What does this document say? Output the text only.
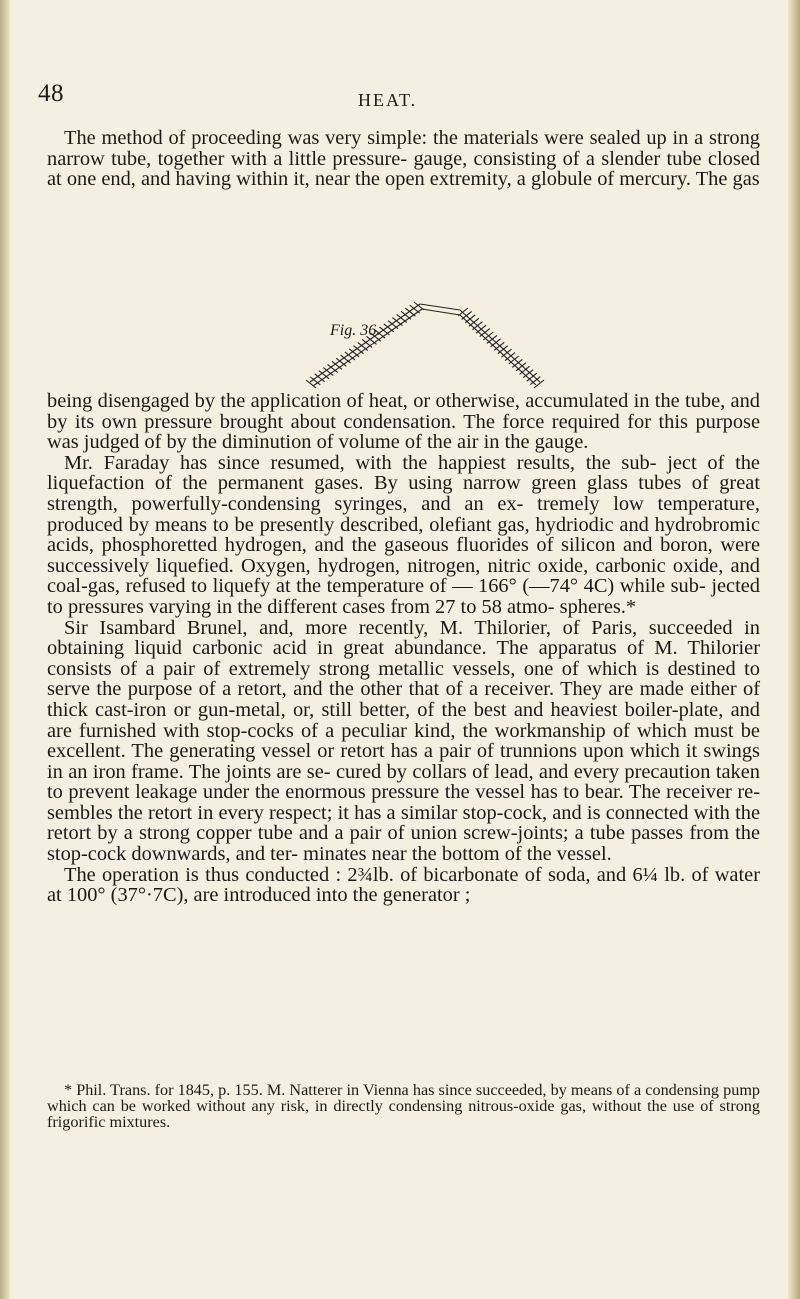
48	HEAT.

The method of proceeding was very simple: the materials were sealed up in a strong narrow tube, together with a little pressure- gauge, consisting of a slender tube closed at one end, and having within it, near the open extremity, a globule of mercury. The gas

Fig. 36.

being disengaged by the application of heat, or otherwise, accumulated in the tube, and by its own pressure brought about condensation. The force required for this purpose was judged of by the diminution of volume of the air in the gauge.

Mr. Faraday has since resumed, with the happiest results, the sub- ject of the liquefaction of the permanent gases. By using narrow green glass tubes of great strength, powerfully-condensing syringes, and an ex- tremely low temperature, produced by means to be presently described, olefiant gas, hydriodic and hydrobromic acids, phosphoretted hydrogen, and the gaseous fluorides of silicon and boron, were successively liquefied. Oxygen, hydrogen, nitrogen, nitric oxide, carbonic oxide, and coal-gas, refused to liquefy at the temperature of — 166° (—74° 4C) while sub- jected to pressures varying in the different cases from 27 to 58 atmo- spheres.*

Sir Isambard Brunel, and, more recently, M. Thilorier, of Paris, succeeded in obtaining liquid carbonic acid in great abundance. The apparatus of M. Thilorier consists of a pair of extremely strong metallic vessels, one of which is destined to serve the purpose of a retort, and the other that of a receiver. They are made either of thick cast-iron or gun-metal, or, still better, of the best and heaviest boiler-plate, and are furnished with stop-cocks of a peculiar kind, the workmanship of which must be excellent. The generating vessel or retort has a pair of trunnions upon which it swings in an iron frame. The joints are se- cured by collars of lead, and every precaution taken to prevent leakage under the enormous pressure the vessel has to bear. The receiver re- sembles the retort in every respect; it has a similar stop-cock, and is connected with the retort by a strong copper tube and a pair of union screw-joints; a tube passes from the stop-cock downwards, and ter- minates near the bottom of the vessel.

The operation is thus conducted : 2¾lb. of bicarbonate of soda, and 6¼ lb. of water at 100° (37°·7C), are introduced into the generator ;

* Phil. Trans. for 1845, p. 155. M. Natterer in Vienna has since succeeded, by means of a condensing pump which can be worked without any risk, in directly condensing nitrous-oxide gas, without the use of strong frigorific mixtures.
